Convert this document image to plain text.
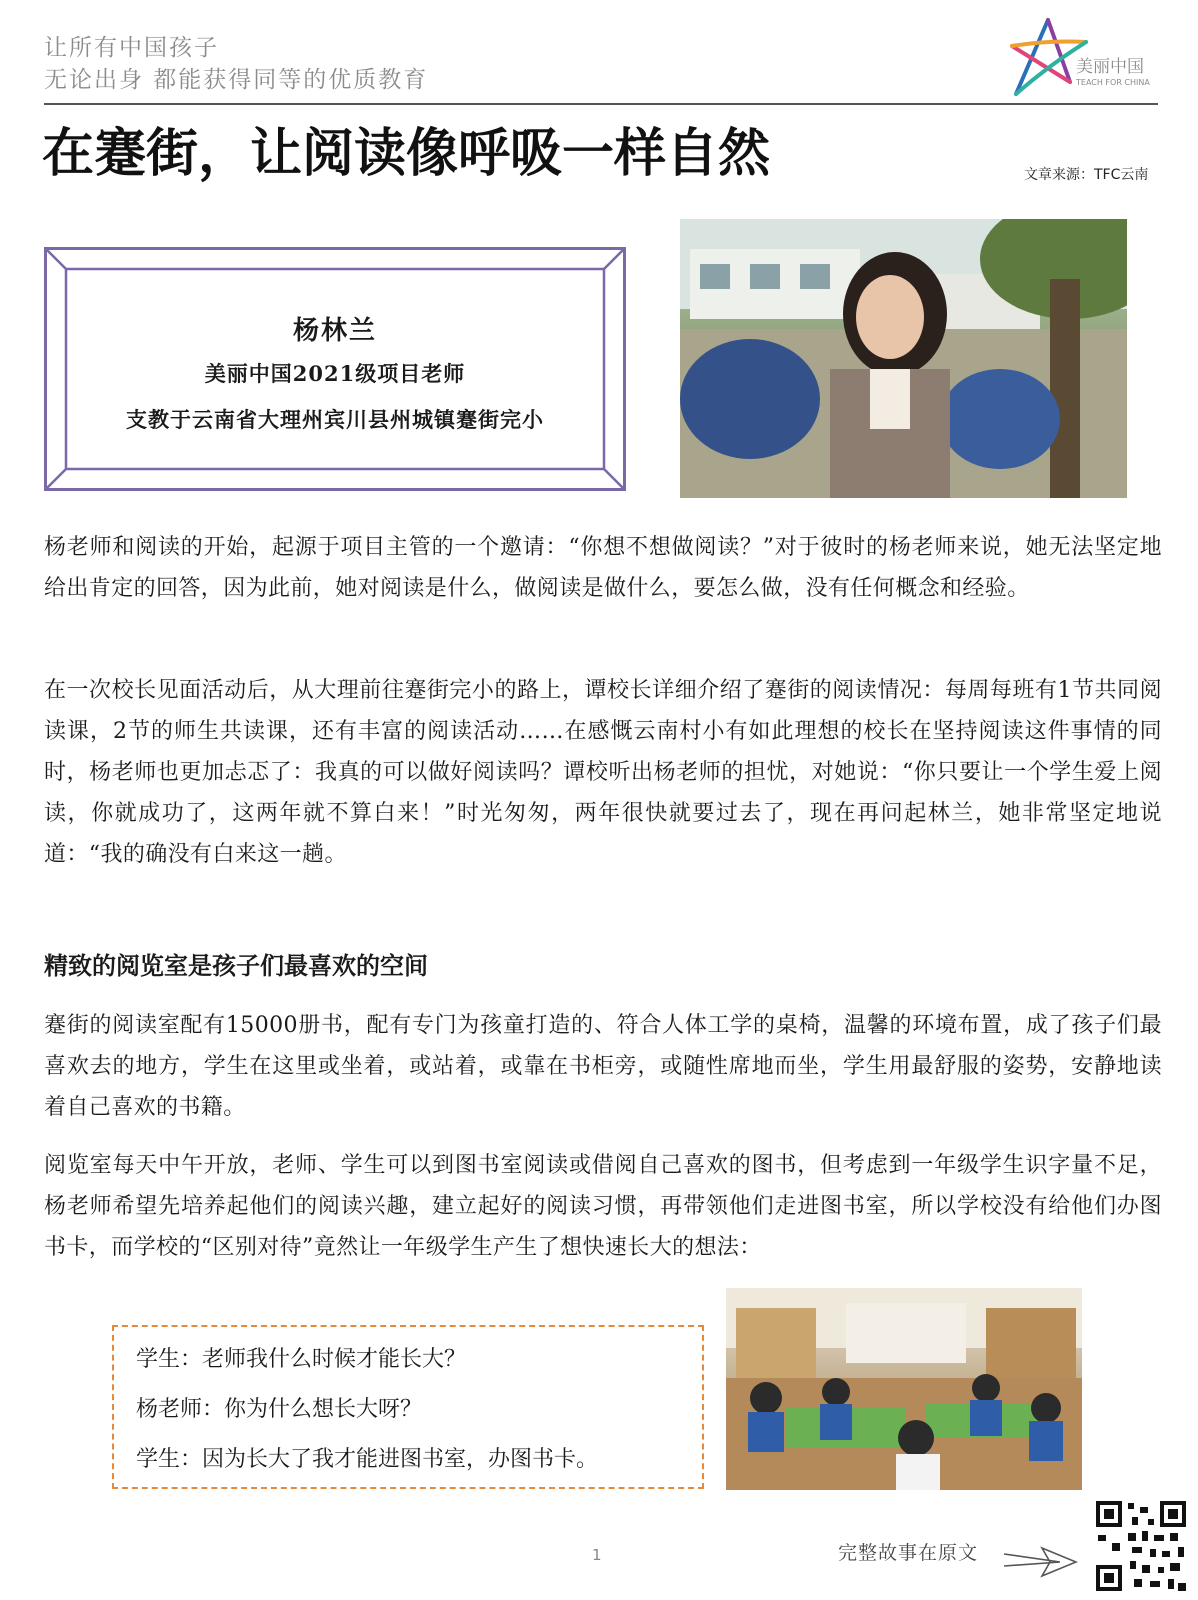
让所有中国孩子
无论出身 都能获得同等的优质教育	美丽中国
TEACH FOR CHINA
在蹇街，让阅读像呼吸一样自然	文章来源：TFC云南
杨林兰
美丽中国2021级项目老师
支教于云南省大理州宾川县州城镇蹇街完小
杨老师和阅读的开始，起源于项目主管的一个邀请：“你想不想做阅读？”对于彼时的杨老师来说，她无法坚定地给出肯定的回答，因为此前，她对阅读是什么，做阅读是做什么，要怎么做，没有任何概念和经验。
在一次校长见面活动后，从大理前往蹇街完小的路上，谭校长详细介绍了蹇街的阅读情况：每周每班有1节共同阅读课，2节的师生共读课，还有丰富的阅读活动……在感慨云南村小有如此理想的校长在坚持阅读这件事情的同时，杨老师也更加忐忑了：我真的可以做好阅读吗？谭校听出杨老师的担忧，对她说：“你只要让一个学生爱上阅读，你就成功了，这两年就不算白来！”时光匆匆，两年很快就要过去了，现在再问起林兰，她非常坚定地说道：“我的确没有白来这一趟。
精致的阅览室是孩子们最喜欢的空间
蹇街的阅读室配有15000册书，配有专门为孩童打造的、符合人体工学的桌椅，温馨的环境布置，成了孩子们最喜欢去的地方，学生在这里或坐着，或站着，或靠在书柜旁，或随性席地而坐，学生用最舒服的姿势，安静地读着自己喜欢的书籍。
阅览室每天中午开放，老师、学生可以到图书室阅读或借阅自己喜欢的图书，但考虑到一年级学生识字量不足，杨老师希望先培养起他们的阅读兴趣，建立起好的阅读习惯，再带领他们走进图书室，所以学校没有给他们办图书卡，而学校的“区别对待”竟然让一年级学生产生了想快速长大的想法：
学生：老师我什么时候才能长大？
杨老师：你为什么想长大呀？
学生：因为长大了我才能进图书室，办图书卡。
1	完整故事在原文
